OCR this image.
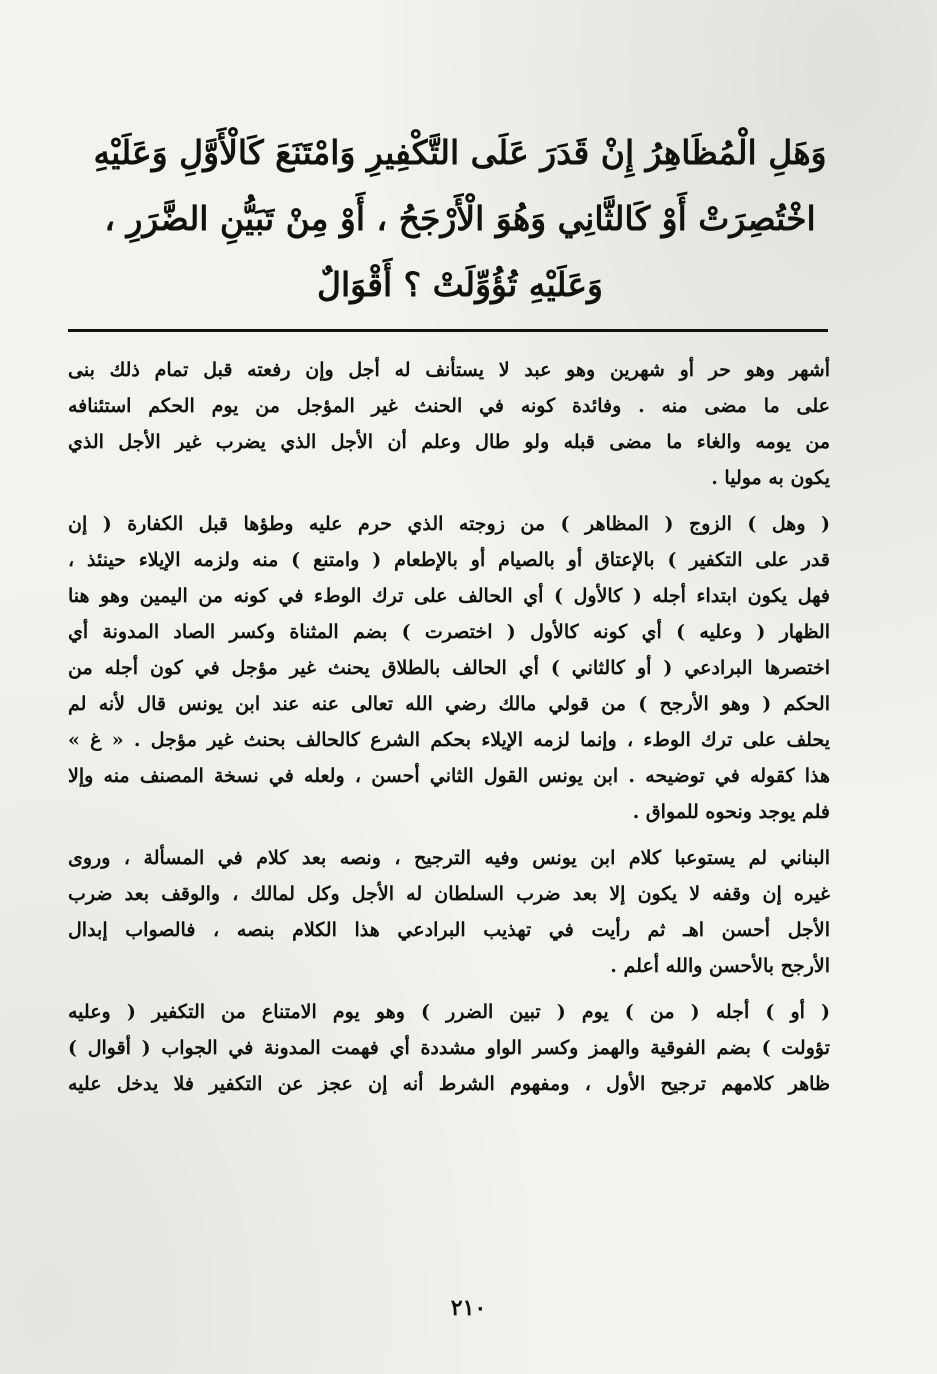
وَهَلِ الْمُظَاهِرُ إِنْ قَدَرَ عَلَى التَّكْفِيرِ وَامْتَنَعَ كَالْأَوَّلِ وَعَلَيْهِ
اخْتُصِرَتْ أَوْ كَالثَّانِي وَهُوَ الْأَرْجَحُ ، أَوْ مِنْ تَبَيُّنِ الضَّرَرِ ،
وَعَلَيْهِ تُؤُوِّلَتْ ؟ أَقْوَالٌ
أشهر وهو حر أو شهرين وهو عبد لا يستأنف له أجل وإن رفعته قبل تمام ذلك بنى
على ما مضى منه . وفائدة كونه في الحنث غير المؤجل من يوم الحكم استئنافه
من يومه والغاء ما مضى قبله ولو طال وعلم أن الأجل الذي يضرب غير الأجل الذي
يكون به موليا .
( وهل ) الزوج ( المظاهر ) من زوجته الذي حرم عليه وطؤها قبل الكفارة ( إن
قدر على التكفير ) بالإعتاق أو بالصيام أو بالإطعام ( وامتنع ) منه ولزمه الإيلاء حينئذ ،
فهل يكون ابتداء أجله ( كالأول ) أي الحالف على ترك الوطء في كونه من اليمين وهو هنا
الظهار ( وعليه ) أي كونه كالأول ( اختصرت ) بضم المثناة وكسر الصاد المدونة أي
اختصرها البرادعي ( أو كالثاني ) أي الحالف بالطلاق يحنث غير مؤجل في كون أجله من
الحكم ( وهو الأرجح ) من قولي مالك رضي الله تعالى عنه عند ابن يونس قال لأنه لم
يحلف على ترك الوطء ، وإنما لزمه الإيلاء بحكم الشرع كالحالف بحنث غير مؤجل . « غ »
هذا كقوله في توضيحه . ابن يونس القول الثاني أحسن ، ولعله في نسخة المصنف منه وإلا
فلم يوجد ونحوه للمواق .
البناني لم يستوعبا كلام ابن يونس وفيه الترجيح ، ونصه بعد كلام في المسألة ، وروى
غيره إن وقفه لا يكون إلا بعد ضرب السلطان له الأجل وكل لمالك ، والوقف بعد ضرب
الأجل أحسن اهـ ثم رأيت في تهذيب البرادعي هذا الكلام بنصه ، فالصواب إبدال
الأرجح بالأحسن والله أعلم .
( أو ) أجله ( من ) يوم ( تبين الضرر ) وهو يوم الامتناع من التكفير ( وعليه
تؤولت ) بضم الفوقية والهمز وكسر الواو مشددة أي فهمت المدونة في الجواب ( أقوال )
ظاهر كلامهم ترجيح الأول ، ومفهوم الشرط أنه إن عجز عن التكفير فلا يدخل عليه
٢١٠
